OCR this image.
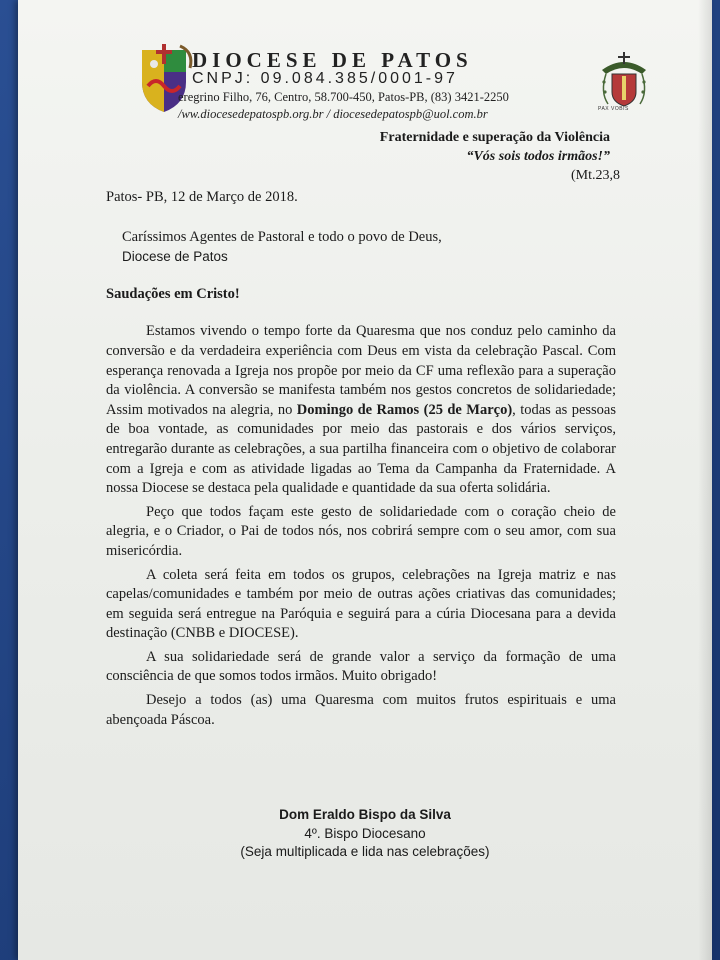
DIOCESE DE PATOS
CNPJ: 09.084.385/0001-97
eregrino Filho, 76, Centro, 58.700-450, Patos-PB, (83) 3421-2250
/ww.diocesedepatospb.org.br / diocesedepatospb@uol.com.br	PAX VOBIS
Fraternidade e superação da Violência
“Vós sois todos irmãos!”
(Mt.23,8

Patos- PB, 12 de Março de 2018.

Caríssimos Agentes de Pastoral e todo o povo de Deus,
Diocese de Patos

Saudações em Cristo!

Estamos vivendo o tempo forte da Quaresma que nos conduz pelo caminho da conversão e da verdadeira experiência com Deus em vista da celebração Pascal. Com esperança renovada a Igreja nos propõe por meio da CF uma reflexão para a superação da violência. A conversão se manifesta também nos gestos concretos de solidariedade; Assim motivados na alegria, no Domingo de Ramos (25 de Março), todas as pessoas de boa vontade, as comunidades por meio das pastorais e dos vários serviços, entregarão durante as celebrações, a sua partilha financeira com o objetivo de colaborar com a Igreja e com as atividade ligadas ao Tema da Campanha da Fraternidade. A nossa Diocese se destaca pela qualidade e quantidade da sua oferta solidária.

Peço que todos façam este gesto de solidariedade com o coração cheio de alegria, e o Criador, o Pai de todos nós, nos cobrirá sempre com o seu amor, com sua misericórdia.

A coleta será feita em todos os grupos, celebrações na Igreja matriz e nas capelas/comunidades e também por meio de outras ações criativas das comunidades; em seguida será entregue na Paróquia e seguirá para a cúria Diocesana para a devida destinação (CNBB e DIOCESE).

A sua solidariedade será de grande valor a serviço da formação de uma consciência de que somos todos irmãos. Muito obrigado!

Desejo a todos (as) uma Quaresma com muitos frutos espirituais e uma abençoada Páscoa.

Dom Eraldo Bispo da Silva
4º. Bispo Diocesano
(Seja multiplicada e lida nas celebrações)
